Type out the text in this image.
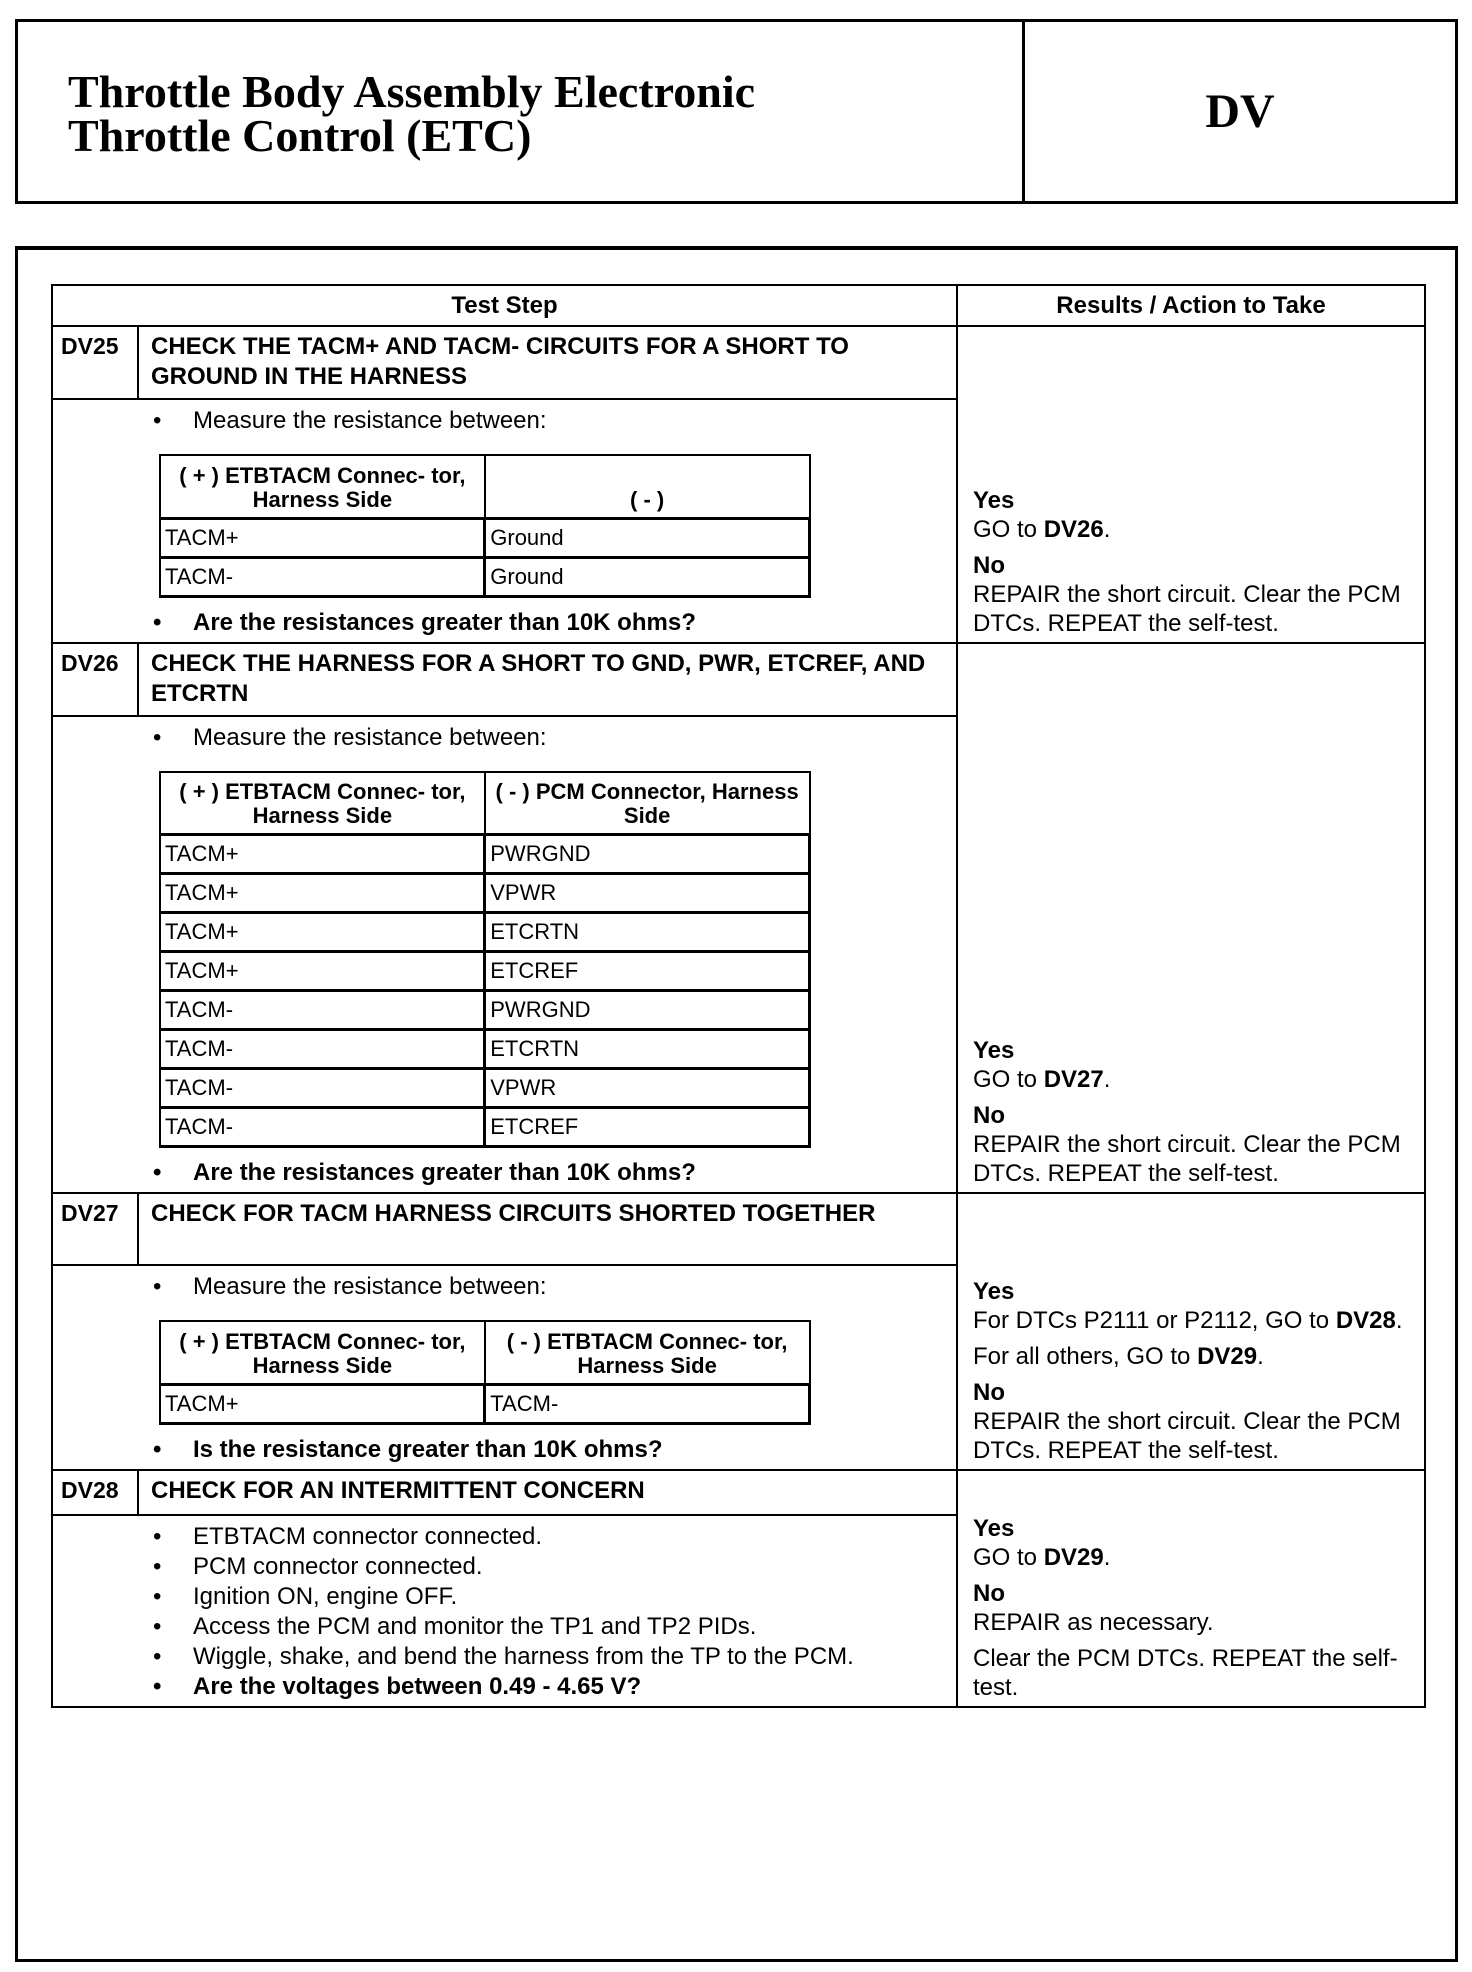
Throttle Body Assembly Electronic
Throttle Control (ETC)	DV
Test Step	Results / Action to Take
DV25	CHECK THE TACM+ AND TACM- CIRCUITS FOR A SHORT TO GROUND IN THE HARNESS
• Measure the resistance between:
( + ) ETBTACM Connec- tor, Harness Side	( - )
TACM+	Ground
TACM-	Ground
• Are the resistances greater than 10K ohms?
Yes

GO to DV26.

No

REPAIR the short circuit. Clear the PCM DTCs. REPEAT the self-test.

DV26	CHECK THE HARNESS FOR A SHORT TO GND, PWR, ETCREF, AND ETCRTN
• Measure the resistance between:
( + ) ETBTACM Connec- tor, Harness Side	( - ) PCM Connector, Harness Side
TACM+	PWRGND
TACM+	VPWR
TACM+	ETCRTN
TACM+	ETCREF
TACM-	PWRGND
TACM-	ETCRTN
TACM-	VPWR
TACM-	ETCREF
• Are the resistances greater than 10K ohms?
Yes

GO to DV27.

No

REPAIR the short circuit. Clear the PCM DTCs. REPEAT the self-test.

DV27	CHECK FOR TACM HARNESS CIRCUITS SHORTED TOGETHER
• Measure the resistance between:
( + ) ETBTACM Connec- tor, Harness Side	( - ) ETBTACM Connec- tor, Harness Side
TACM+	TACM-
• Is the resistance greater than 10K ohms?
Yes

For DTCs P2111 or P2112, GO to DV28.

For all others, GO to DV29.

No

REPAIR the short circuit. Clear the PCM DTCs. REPEAT the self-test.

DV28	CHECK FOR AN INTERMITTENT CONCERN
• ETBTACM connector connected.
• PCM connector connected.
• Ignition ON, engine OFF.
• Access the PCM and monitor the TP1 and TP2 PIDs.
• Wiggle, shake, and bend the harness from the TP to the PCM.
• Are the voltages between 0.49 - 4.65 V?
Yes

GO to DV29.

No

REPAIR as necessary.

Clear the PCM DTCs. REPEAT the self-test.
